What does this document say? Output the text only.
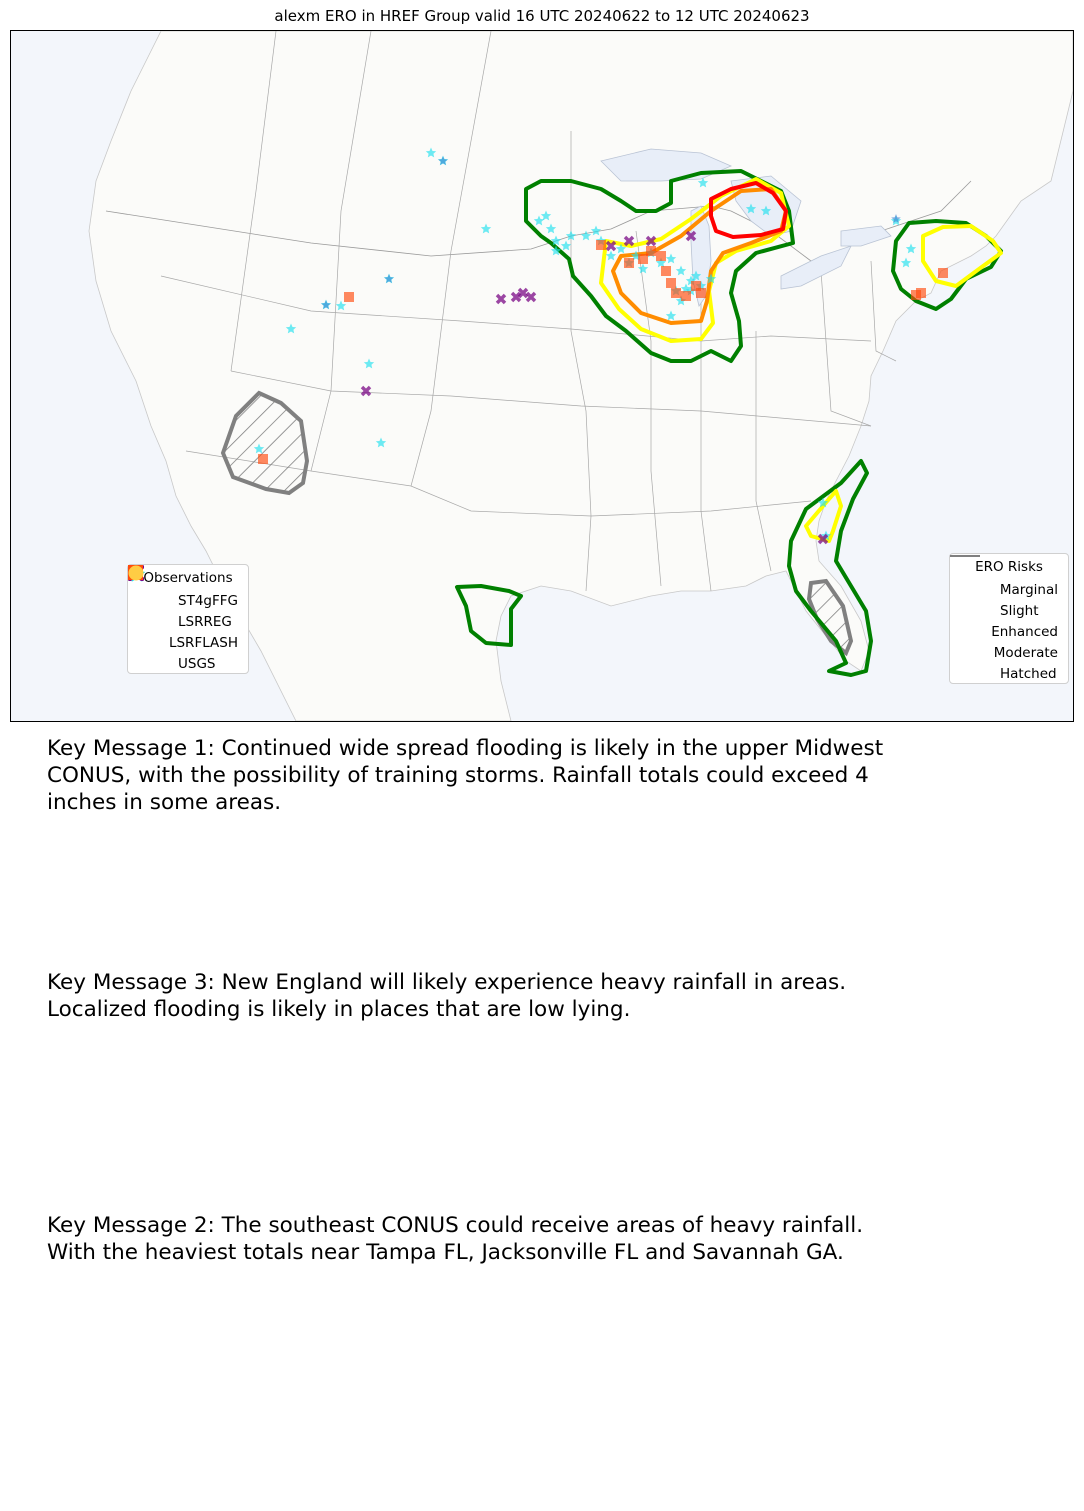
alexm ERO in HREF Group valid 16 UTC 20240622 to 12 UTC 20240623
Observations
ST4gFFG
LSRREG
LSRFLASH
USGS
ERO Risks
Marginal
Slight
Enhanced
Moderate
Hatched
Key Message 1: Continued wide spread flooding is likely in the upper Midwest
CONUS, with the possibility of training storms. Rainfall totals could exceed 4
inches in some areas.
Key Message 3: New England will likely experience heavy rainfall in areas.
Localized flooding is likely in places that are low lying.
Key Message 2: The southeast CONUS could receive areas of heavy rainfall.
With the heaviest totals near Tampa FL, Jacksonville FL and Savannah GA.
